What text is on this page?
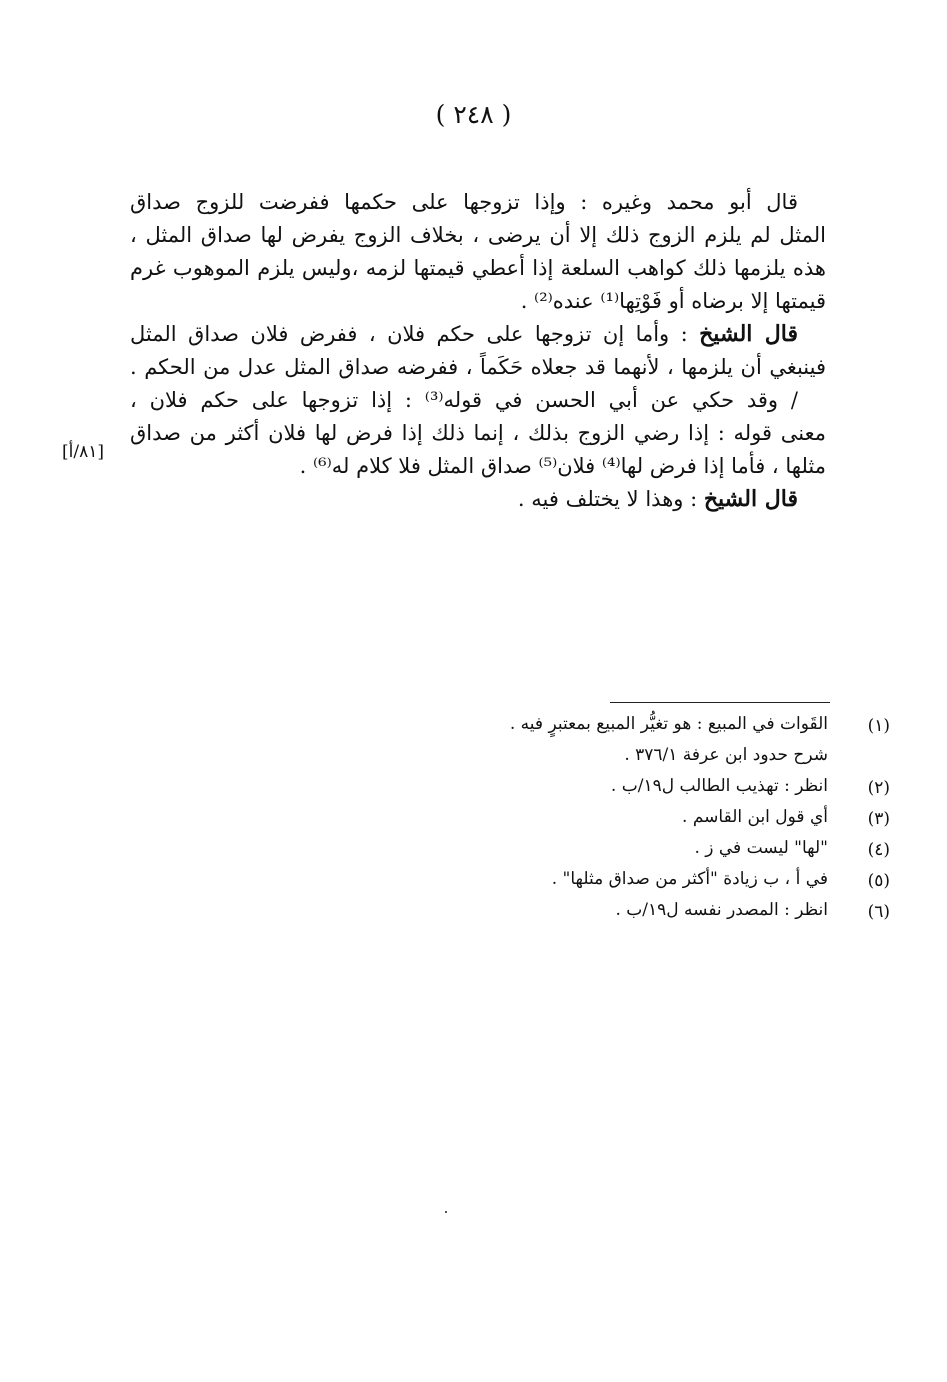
( ٢٤٨ )
قال أبو محمد وغيره : وإذا تزوجها على حكمها ففرضت للزوج صداق
المثل لم يلزم الزوج ذلك إلا أن يرضى ، بخلاف الزوج يفرض لها صداق المثل ،
هذه يلزمها ذلك كواهب السلعة إذا أعطي قيمتها لزمه ،وليس يلزم الموهوب غرم
قيمتها إلا برضاه أو فَوْتِها⁽¹⁾ عنده⁽²⁾ .
قال الشيخ : وأما إن تزوجها على حكم فلان ، ففرض فلان صداق المثل
فينبغي أن يلزمها ، لأنهما قد جعلاه حَكَماً ، ففرضه صداق المثل عدل من الحكم .
/ وقد حكي عن أبي الحسن في قوله⁽³⁾ : إذا تزوجها على حكم فلان ،
معنى قوله : إذا رضي الزوج بذلك ، إنما ذلك إذا فرض لها فلان أكثر من صداق
مثلها ، فأما إذا فرض لها⁽⁴⁾ فلان⁽⁵⁾ صداق المثل فلا كلام له⁽⁶⁾ .
قال الشيخ : وهذا لا يختلف فيه .
[٨١/أ]
(١)
القَوات في المبيع : هو تغيُّر المبيع بمعتبرٍ فيه .
شرح حدود ابن عرفة ٣٧٦/١ .
(٢)
انظر : تهذيب الطالب ل١٩/ب .
(٣)
أي قول ابن القاسم .
(٤)
"لها" ليست في ز .
(٥)
في أ ، ب زيادة "أكثر من صداق مثلها" .
(٦)
انظر : المصدر نفسه ل١٩/ب .
